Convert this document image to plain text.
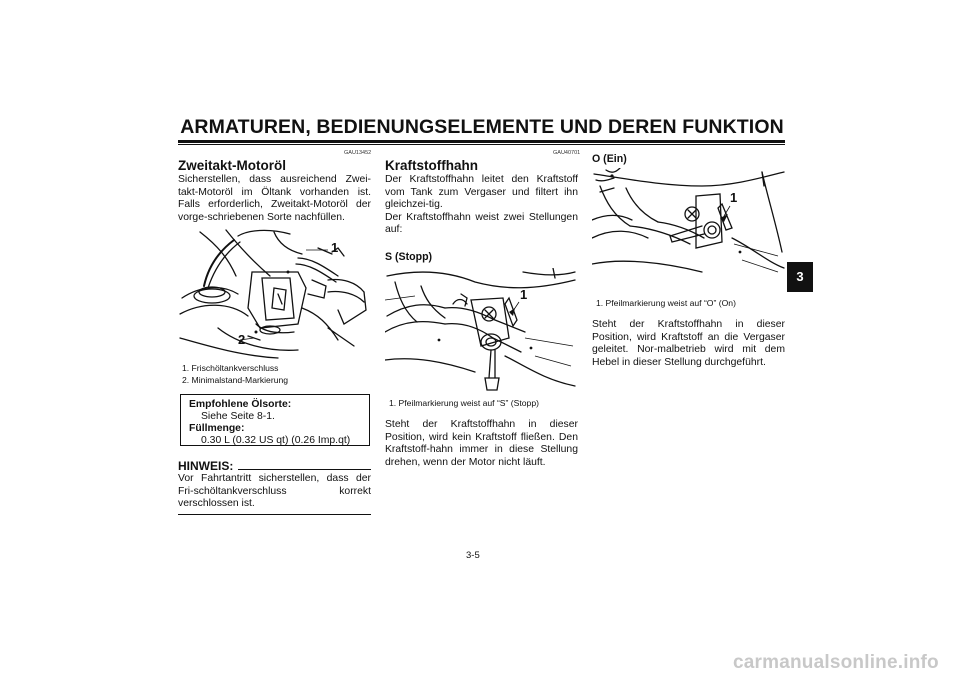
ARMATUREN, BEDIENUNGSELEMENTE UND DEREN FUNKTION
3
GAU13452
Zweitakt-Motoröl
Sicherstellen, dass ausreichend Zwei-takt-Motoröl im Öltank vorhanden ist. Falls erforderlich, Zweitakt-Motoröl der vorge-schriebenen Sorte nachfüllen.
1
2
1. Frischöltankverschluss
2. Minimalstand-Markierung
Empfohlene Ölsorte:
Siehe Seite 8-1.
Füllmenge:
0.30 L (0.32 US qt) (0.26 Imp.qt)
HINWEIS:
Vor Fahrtantritt sicherstellen, dass der Fri-schöltankverschluss korrekt verschlossen ist.
GAU40701
Kraftstoffhahn
Der Kraftstoffhahn leitet den Kraftstoff vom Tank zum Vergaser und filtert ihn gleichzei-tig.
Der Kraftstoffhahn weist zwei Stellungen auf:
S (Stopp)
1
1. Pfeilmarkierung weist auf “S” (Stopp)
Steht der Kraftstoffhahn in dieser Position, wird kein Kraftstoff fließen. Den Kraftstoff-hahn immer in diese Stellung drehen, wenn der Motor nicht läuft.
O (Ein)
1
1. Pfeilmarkierung weist auf “O” (On)
Steht der Kraftstoffhahn in dieser Position, wird Kraftstoff an die Vergaser geleitet. Nor-malbetrieb wird mit dem Hebel in dieser Stellung durchgeführt.
3-5
carmanualsonline.info
